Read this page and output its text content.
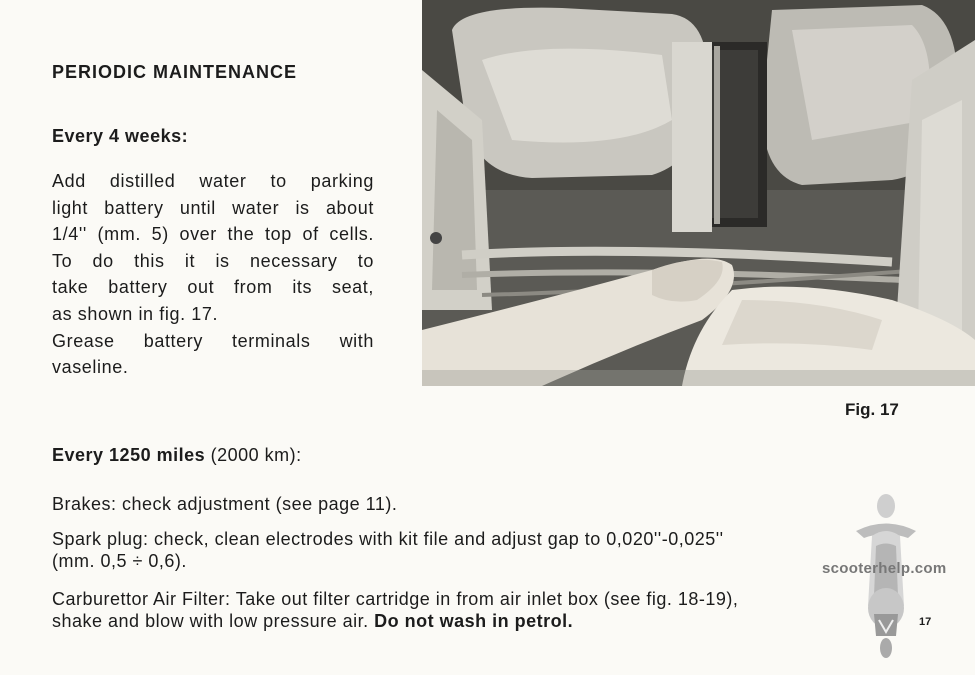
PERIODIC MAINTENANCE
Every 4 weeks:
Add distilled water to parking
light battery until water is about
1/4'' (mm. 5) over the top of cells.
To do this it is necessary to
take battery out from its seat,
as shown in fig. 17.
Grease battery terminals with
vaseline.
Fig. 17
Every 1250 miles (2000 km):
Brakes: check adjustment (see page 11).
Spark plug: check, clean electrodes with kit file and adjust gap to 0,020''-0,025''
(mm. 0,5 ÷ 0,6).
Carburettor Air Filter: Take out filter cartridge in from air inlet box (see fig. 18-19),
shake and blow with low pressure air. Do not wash in petrol.
scooterhelp.com
17
